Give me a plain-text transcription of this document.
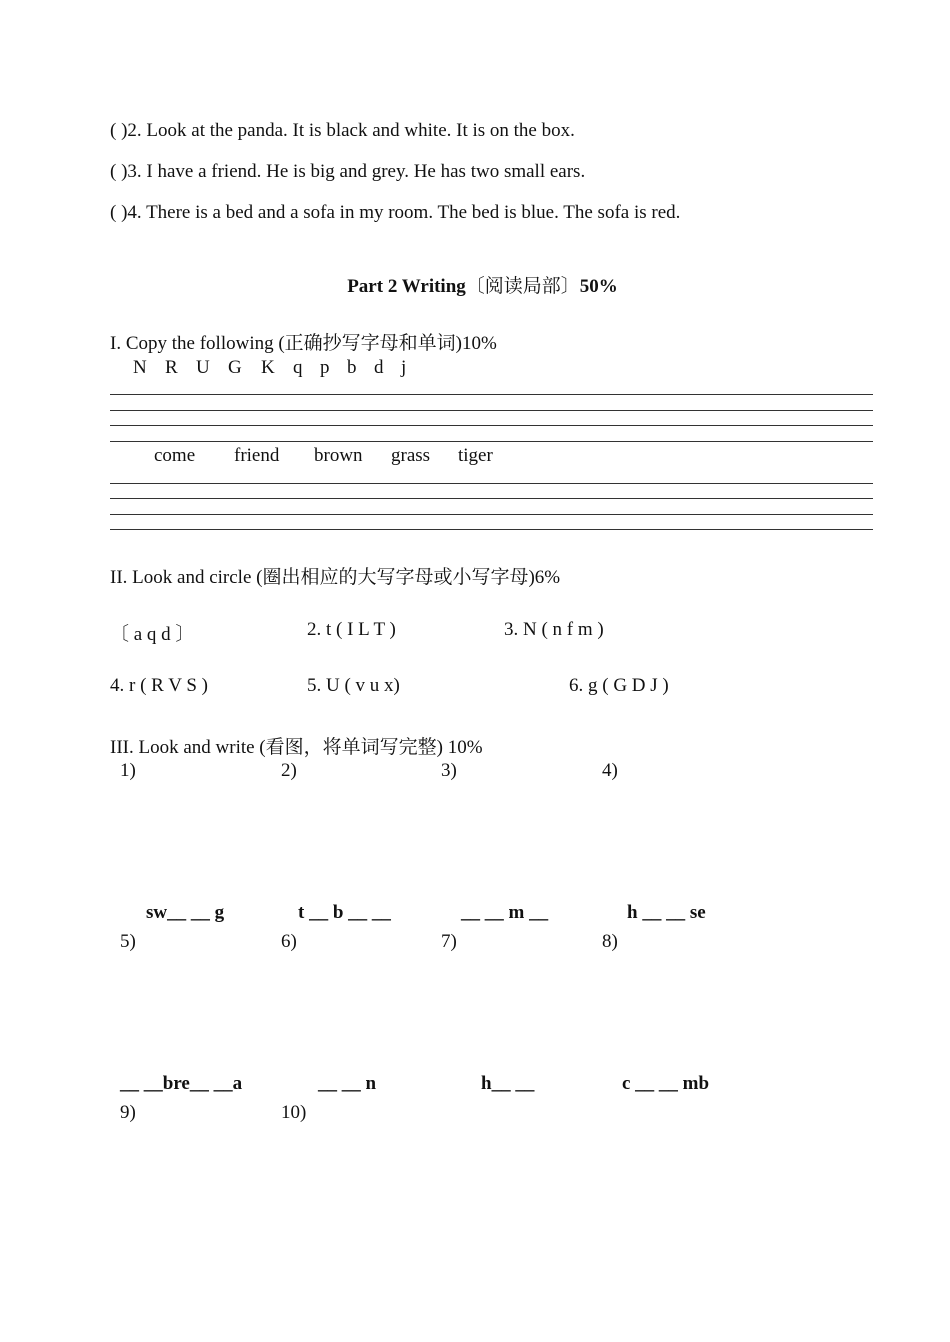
( )2. Look at the panda. It is black and white. It is on the box.
( )3. I have a friend. He is big and grey. He has two small ears.
( )4. There is a bed and a sofa in my room. The bed is blue. The sofa is red.
Part 2 Writing〔阅读局部〕50%
I. Copy the following (正确抄写字母和单词)10%
N R U G K q p b d j
come friend brown grass tiger
II. Look and circle (圈出相应的大写字母或小写字母)6%
〔 a q d 〕	2. t ( I L T )	3. N ( n f m )
4. r ( R V S )	5. U ( v u x)	6. g ( G D J )
III. Look and write (看图，将单词写完整) 10%
1)	2)	3)	4)
sw__ __ g	t __ b __ __	__ __ m __	h __ __ se
5)	6)	7)	8)
__ __bre__ __a	__ __ n	h__ __	c __ __ mb
9)	10)
